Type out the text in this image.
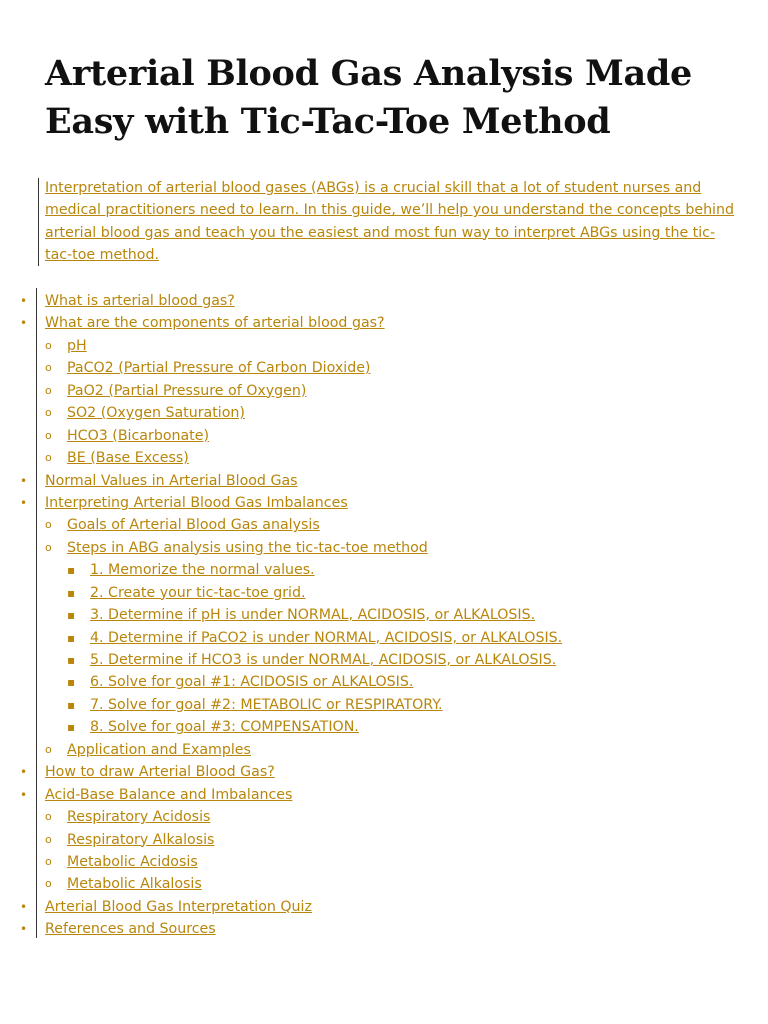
Arterial Blood Gas Analysis Made Easy with Tic-Tac-Toe Method

Interpretation of arterial blood gases (ABGs) is a crucial skill that a lot of student nurses and medical practitioners need to learn. In this guide, we’ll help you understand the concepts behind arterial blood gas and teach you the easiest and most fun way to interpret ABGs using the tic-tac-toe method.

• What is arterial blood gas?
• What are the components of arterial blood gas?
o pH
o PaCO2 (Partial Pressure of Carbon Dioxide)
o PaO2 (Partial Pressure of Oxygen)
o SO2 (Oxygen Saturation)
o HCO3 (Bicarbonate)
o BE (Base Excess)
• Normal Values in Arterial Blood Gas
• Interpreting Arterial Blood Gas Imbalances
o Goals of Arterial Blood Gas analysis
o Steps in ABG analysis using the tic-tac-toe method
▪ 1. Memorize the normal values.
▪ 2. Create your tic-tac-toe grid.
▪ 3. Determine if pH is under NORMAL, ACIDOSIS, or ALKALOSIS.
▪ 4. Determine if PaCO2 is under NORMAL, ACIDOSIS, or ALKALOSIS.
▪ 5. Determine if HCO3 is under NORMAL, ACIDOSIS, or ALKALOSIS.
▪ 6. Solve for goal #1: ACIDOSIS or ALKALOSIS.
▪ 7. Solve for goal #2: METABOLIC or RESPIRATORY.
▪ 8. Solve for goal #3: COMPENSATION.
o Application and Examples
• How to draw Arterial Blood Gas?
• Acid-Base Balance and Imbalances
o Respiratory Acidosis
o Respiratory Alkalosis
o Metabolic Acidosis
o Metabolic Alkalosis
• Arterial Blood Gas Interpretation Quiz
• References and Sources
